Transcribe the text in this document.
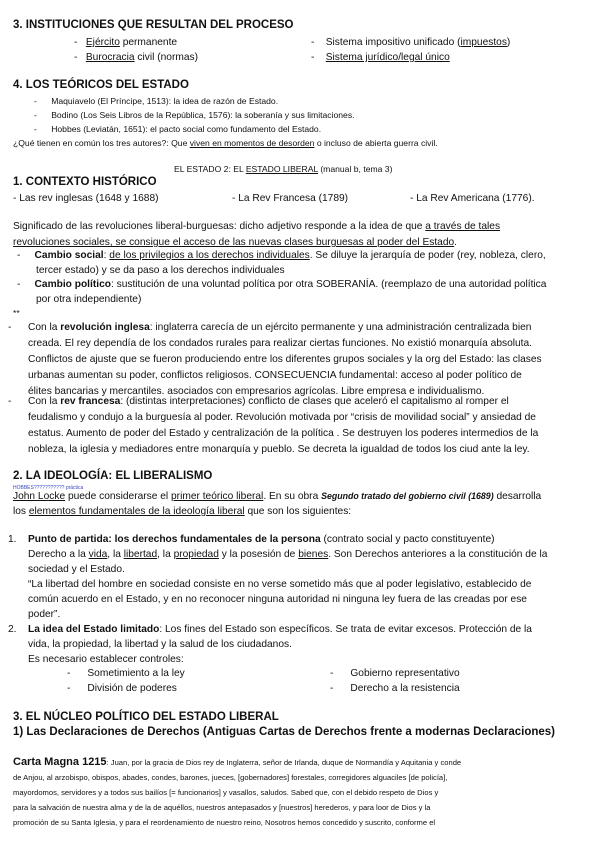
3. INSTITUCIONES QUE RESULTAN DEL PROCESO
-   Ejército permanente
-   Burocracia civil (normas)
-    Sistema impositivo unificado (impuestos)
-    Sistema jurídico/legal único
4. LOS TEÓRICOS DEL ESTADO
-      Maquiavelo (El Príncipe, 1513): la idea de razón de Estado.
-      Bodino (Los Seis Libros de la República, 1576): la soberanía y sus limitaciones.
-      Hobbes (Leviatán, 1651): el pacto social como fundamento del Estado.
¿Qué tienen en común los tres autores?: Que viven en momentos de desorden o incluso de abierta guerra civil.
EL ESTADO 2: EL ESTADO LIBERAL (manual b, tema 3)
1. CONTEXTO HISTÓRICO
- Las rev inglesas (1648 y 1688)	- La Rev Francesa (1789)	- La Rev Americana (1776).
Significado de las revoluciones liberal-burguesas: dicho adjetivo responde a la idea de que a través de tales
revoluciones sociales, se consigue el acceso de las nuevas clases burguesas al poder del Estado.
-     Cambio social: de los privilegios a los derechos individuales. Se diluye la jerarquía de poder (rey, nobleza, clero,
tercer estado) y se da paso a los derechos individuales
-     Cambio político: sustitución de una voluntad política por otra SOBERANÍA. (reemplazo de una autoridad política
por otra independiente)
**
- Con la revolución inglesa: inglaterra carecía de un ejército permanente y una administración centralizada bien
creada. El rey dependía de los condados rurales para realizar ciertas funciones. No existió monarquía absoluta.
Conflictos de ajuste que se fueron produciendo entre los diferentes grupos sociales y la org del Estado: las clases
urbanas aumentan su poder, conflictos religiosos. CONSECUENCIA fundamental: acceso al poder político de
élites bancarias y mercantiles. asociados con empresarios agrícolas. Libre empresa e individualismo.
- Con la rev francesa: (distintas interpretaciones) conflicto de clases que aceleró el capitalismo al romper el
feudalismo y condujo a la burguesía al poder. Revolución motivada por “crisis de movilidad social” y ansiedad de
estatus. Aumento de poder del Estado y centralización de la política . Se destruyen los poderes intermedios de la
nobleza, la iglesia y mediadores entre monarquía y pueblo. Se decreta la igualdad de todos los ciud ante la ley.
2. LA IDEOLOGÍA: EL LIBERALISMO
HOBBES??????????? práctica
John Locke puede considerarse el primer teórico liberal. En su obra Segundo tratado del gobierno civil (1689) desarrolla
los elementos fundamentales de la ideología liberal que son los siguientes:
1. Punto de partida: los derechos fundamentales de la persona (contrato social y pacto constituyente)
Derecho a la vida, la libertad, la propiedad y la posesión de bienes. Son Derechos anteriores a la constitución de la
sociedad y el Estado.
“La libertad del hombre en sociedad consiste en no verse sometido más que al poder legislativo, establecido de
común acuerdo en el Estado, y en no reconocer ninguna autoridad ni ninguna ley fuera de las creadas por ese
poder”.
2. La idea del Estado limitado: Los fines del Estado son específicos. Se trata de evitar excesos. Protección de la
vida, la propiedad, la libertad y la salud de los ciudadanos.
Es necesario establecer controles:
-      Sometimiento a la ley
-      División de poderes
-      Gobierno representativo
-      Derecho a la resistencia
3. EL NÚCLEO POLÍTICO DEL ESTADO LIBERAL
1) Las Declaraciones de Derechos (Antiguas Cartas de Derechos frente a modernas Declaraciones)
Carta Magna 1215: Juan, por la gracia de Dios rey de Inglaterra, señor de Irlanda, duque de Normandía y Aquitania y conde
de Anjou, al arzobispo, obispos, abades, condes, barones, jueces, [gobernadores] forestales, corregidores alguaciles [de policía],
mayordomos, servidores y a todos sus bailíos [= funcionarios] y vasallos, saludos. Sabed que, con el debido respeto de Dios y
para la salvación de nuestra alma y de la de aquéllos, nuestros antepasados y [nuestros] herederos, y para loor de Dios y la
promoción de su Santa Iglesia, y para el reordenamiento de nuestro reino, Nosotros hemos concedido y suscrito, conforme el
